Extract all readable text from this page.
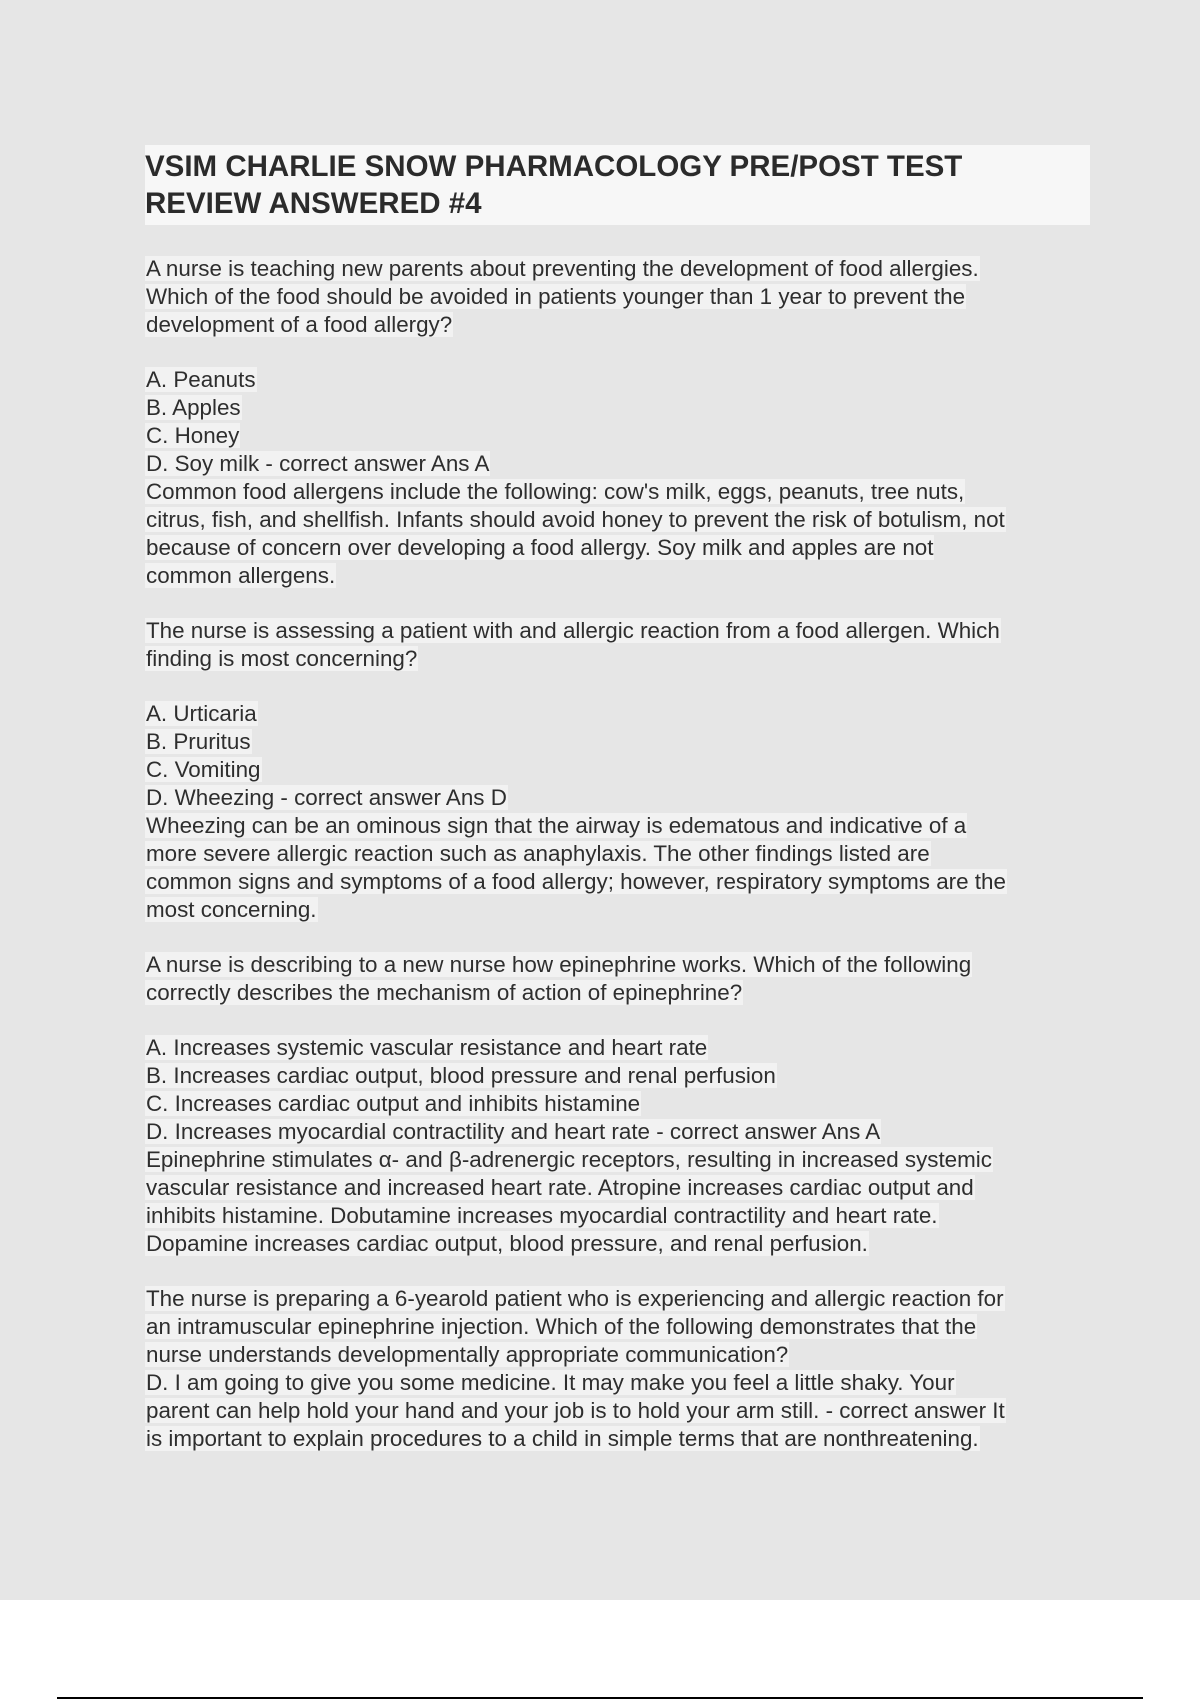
VSIM CHARLIE SNOW PHARMACOLOGY PRE/POST TEST
REVIEW ANSWERED #4
A nurse is teaching new parents about preventing the development of food allergies.
Which of the food should be avoided in patients younger than 1 year to prevent the
development of a food allergy?
A. Peanuts
B. Apples
C. Honey
D. Soy milk - correct answer Ans A
Common food allergens include the following: cow's milk, eggs, peanuts, tree nuts,
citrus, fish, and shellfish. Infants should avoid honey to prevent the risk of botulism, not
because of concern over developing a food allergy. Soy milk and apples are not
common allergens.
The nurse is assessing a patient with and allergic reaction from a food allergen. Which
finding is most concerning?
A. Urticaria
B. Pruritus
C. Vomiting
D. Wheezing - correct answer Ans D
Wheezing can be an ominous sign that the airway is edematous and indicative of a
more severe allergic reaction such as anaphylaxis. The other findings listed are
common signs and symptoms of a food allergy; however, respiratory symptoms are the
most concerning.
A nurse is describing to a new nurse how epinephrine works. Which of the following
correctly describes the mechanism of action of epinephrine?
A. Increases systemic vascular resistance and heart rate
B. Increases cardiac output, blood pressure and renal perfusion
C. Increases cardiac output and inhibits histamine
D. Increases myocardial contractility and heart rate - correct answer Ans A
Epinephrine stimulates α- and β-adrenergic receptors, resulting in increased systemic
vascular resistance and increased heart rate. Atropine increases cardiac output and
inhibits histamine. Dobutamine increases myocardial contractility and heart rate.
Dopamine increases cardiac output, blood pressure, and renal perfusion.
The nurse is preparing a 6-yearold patient who is experiencing and allergic reaction for
an intramuscular epinephrine injection. Which of the following demonstrates that the
nurse understands developmentally appropriate communication?
D. I am going to give you some medicine. It may make you feel a little shaky. Your
parent can help hold your hand and your job is to hold your arm still. - correct answer It
is important to explain procedures to a child in simple terms that are nonthreatening.
